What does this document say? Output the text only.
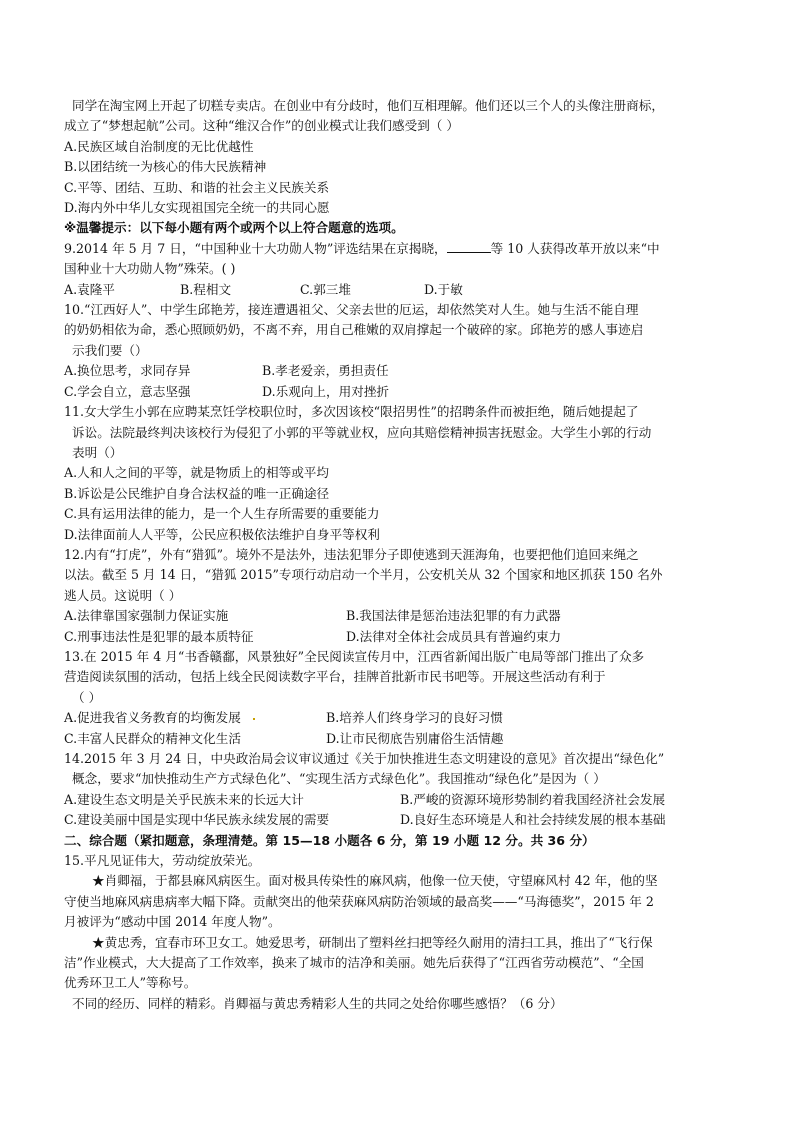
同学在淘宝网上开起了切糕专卖店。在创业中有分歧时，他们互相理解。他们还以三个人的头像注册商标，
成立了“梦想起航”公司。这种“维汉合作”的创业模式让我们感受到（ ）
A.民族区域自治制度的无比优越性
B.以团结统一为核心的伟大民族精神
C.平等、团结、互助、和谐的社会主义民族关系
D.海内外中华儿女实现祖国完全统一的共同心愿
※温馨提示：以下每小题有两个或两个以上符合题意的选项。
9.2014 年 5 月 7 日，“中国种业十大功勋人物”评选结果在京揭晓，	等 10 人获得改革开放以来“中
国种业十大功勋人物”殊荣。( )
A.袁隆平	B.程相文	C.郭三堆	D.于敏
10.“江西好人”、中学生邱艳芳，接连遭遇祖父、父亲去世的厄运，却依然笑对人生。她与生活不能自理
的奶奶相依为命，悉心照顾奶奶，不离不弃，用自己稚嫩的双肩撑起一个破碎的家。邱艳芳的感人事迹启
示我们要（）
A.换位思考，求同存异	B.孝老爱亲，勇担责任
C.学会自立，意志坚强	D.乐观向上，用对挫折
11.女大学生小郭在应聘某烹饪学校职位时，多次因该校“限招男性”的招聘条件而被拒绝，随后她提起了
诉讼。法院最终判决该校行为侵犯了小郭的平等就业权，应向其赔偿精神损害抚慰金。大学生小郭的行动
表明（）
A.人和人之间的平等，就是物质上的相等或平均
B.诉讼是公民维护自身合法权益的唯一正确途径
C.具有运用法律的能力，是一个人生存所需要的重要能力
D.法律面前人人平等，公民应积极依法维护自身平等权利
12.内有“打虎”，外有“猎狐”。境外不是法外，违法犯罪分子即使逃到天涯海角，也要把他们追回来绳之
以法。截至 5 月 14 日，“猎狐 2015”专项行动启动一个半月，公安机关从 32 个国家和地区抓获 150 名外
逃人员。这说明（ ）
A.法律靠国家强制力保证实施	B.我国法律是惩治违法犯罪的有力武器
C.刑事违法性是犯罪的最本质特征	D.法律对全体社会成员具有普遍约束力
13.在 2015 年 4 月“书香赣鄱，风景独好”全民阅读宣传月中，江西省新闻出版广电局等部门推出了众多
营造阅读氛围的活动，包括上线全民阅读数字平台，挂牌首批新市民书吧等。开展这些活动有利于
（ ）
A.促进我省义务教育的均衡发展	B.培养人们终身学习的良好习惯
C.丰富人民群众的精神文化生活	D.让市民彻底告别庸俗生活情趣
14.2015 年 3 月 24 日，中央政治局会议审议通过《关于加快推进生态文明建设的意见》首次提出“绿色化”
概念，要求“加快推动生产方式绿色化”、“实现生活方式绿色化”。我国推动“绿色化”是因为（ ）
A.建设生态文明是关乎民族未来的长远大计	B.严峻的资源环境形势制约着我国经济社会发展
C.建设美丽中国是实现中华民族永续发展的需要	D.良好生态环境是人和社会持续发展的根本基础
二、综合题（紧扣题意，条理清楚。第 15—18 小题各 6 分，第 19 小题 12 分。共 36 分）
15.平凡见证伟大，劳动绽放荣光。
★肖卿福，于都县麻风病医生。面对极具传染性的麻风病，他像一位天使，守望麻风村 42 年，他的坚
守使当地麻风病患病率大幅下降。贡献突出的他荣获麻风病防治领域的最高奖——“马海德奖”，2015 年 2
月被评为“感动中国 2014 年度人物”。
★黄忠秀，宜春市环卫女工。她爱思考，研制出了塑料丝扫把等经久耐用的清扫工具，推出了“飞行保
洁”作业模式，大大提高了工作效率，换来了城市的洁净和美丽。她先后获得了“江西省劳动模范”、“全国
优秀环卫工人”等称号。
不同的经历、同样的精彩。肖卿福与黄忠秀精彩人生的共同之处给你哪些感悟？（6 分）
